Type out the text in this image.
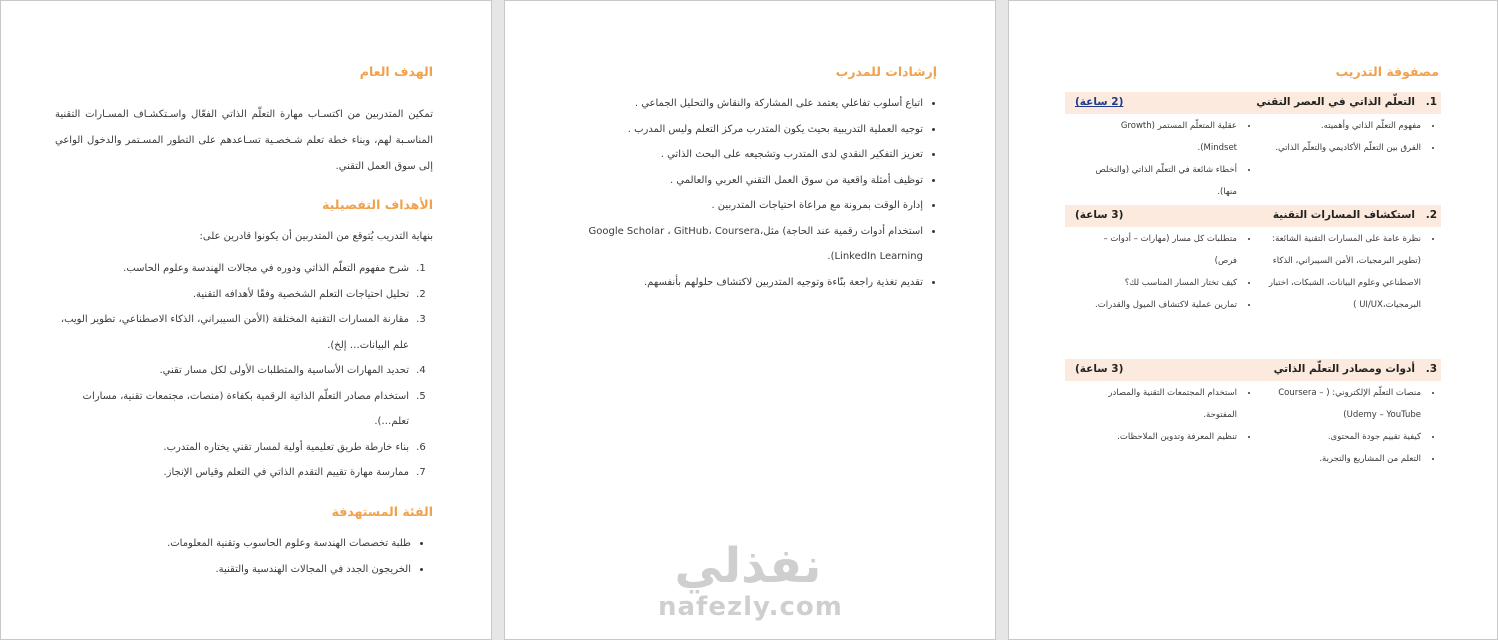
الهدف العام
تمكين المتدربين من اكتسـاب مهارة التعلّم الذاتي الفعّال واسـتكشـاف المسـارات التقنية المناسـبة لهم، وبناء خطة تعلم شـخصـية تسـاعدهم على التطور المسـتمر والدخول الواعي إلى سوق العمل التقني.
الأهداف التفصيلية
بنهاية التدريب يُتوقع من المتدربين أن يكونوا قادرين على:
1. شرح مفهوم التعلّم الذاتي ودوره في مجالات الهندسة وعلوم الحاسب.
2. تحليل احتياجات التعلم الشخصية وفقًا لأهدافه التقنية.
3. مقارنة المسارات التقنية المختلفة (الأمن السيبراني، الذكاء الاصطناعي، تطوير الويب، علم البيانات… إلخ).
4. تحديد المهارات الأساسية والمتطلبات الأولى لكل مسار تقني.
5. استخدام مصادر التعلّم الذاتية الرقمية بكفاءة (منصات، مجتمعات تقنية، مسارات تعلم…).
6. بناء خارطة طريق تعليمية أولية لمسار تقني يختاره المتدرب.
7. ممارسة مهارة تقييم التقدم الذاتي في التعلم وقياس الإنجاز.
الفئة المستهدفة
• طلبة تخصصات الهندسة وعلوم الحاسوب وتقنية المعلومات.
• الخريجون الجدد في المجالات الهندسية والتقنية.
إرشادات للمدرب
• اتباع أسلوب تفاعلي يعتمد على المشاركة والنقاش والتحليل الجماعي .
• توجيه العملية التدريبية بحيث يكون المتدرب مركز التعلم وليس المدرب .
• تعزيز التفكير النقدي لدى المتدرب وتشجيعه على البحث الذاتي .
• توظيف أمثلة واقعية من سوق العمل التقني العربي والعالمي .
• إدارة الوقت بمرونة مع مراعاة احتياجات المتدربين .
• استخدام أدوات رقمية عند الحاجة) مثلGoogle Scholar ، GitHub، Coursera، LinkedIn Learning).
• تقديم تغذية راجعة بنّاءة وتوجيه المتدربين لاكتشاف حلولهم بأنفسهم.
مصفوفة التدريب
1.
التعلّم الذاتي في العصر التقني
(2 ساعة)
• مفهوم التعلّم الذاتي وأهميته.
• الفرق بين التعلّم الأكاديمي والتعلّم الذاتي.
• عقلية المتعلّم المستمر (Growth Mindset).
• أخطاء شائعة في التعلّم الذاتي (والتخلص منها).
2.
استكشاف المسارات التقنية
(3 ساعة)
• نظرة عامة على المسارات التقنية الشائعة: (تطوير البرمجيات، الأمن السيبراني، الذكاء الاصطناعي وعلوم البيانات، الشبكات، اختبار البرمجيات،UI/UX )
• متطلبات كل مسار (مهارات – أدوات – فرص)
• كيف تختار المسار المناسب لك؟
• تمارين عملية لاكتشاف الميول والقدرات.
3.
أدوات ومصادر التعلّم الذاتي
(3 ساعة)
• منصات التعلّم الإلكتروني: ( Coursera – Udemy – YouTube)
• كيفية تقييم جودة المحتوى.
• التعلم من المشاريع والتجربة.
• استخدام المجتمعات التقنية والمصادر المفتوحة.
• تنظيم المعرفة وتدوين الملاحظات.
نفذلي
nafezly.com
